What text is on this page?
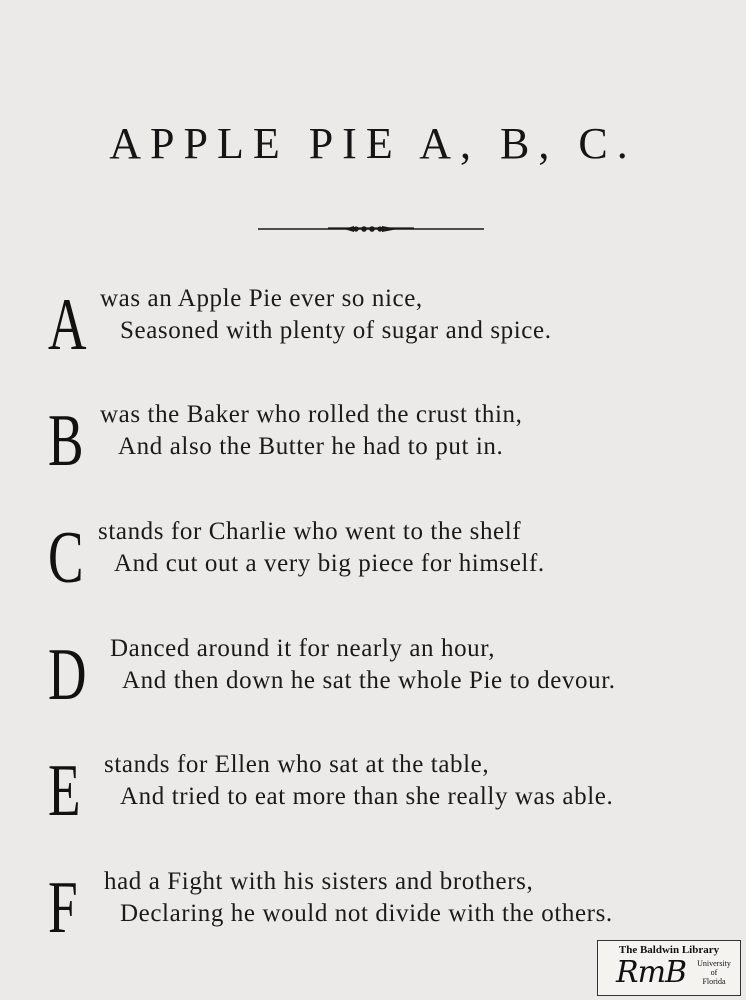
APPLE PIE A, B, C.
A was an Apple Pie ever so nice,
Seasoned with plenty of sugar and spice.
B was the Baker who rolled the crust thin,
And also the Butter he had to put in.
C stands for Charlie who went to the shelf
And cut out a very big piece for himself.
D Danced around it for nearly an hour,
And then down he sat the whole Pie to devour.
E stands for Ellen who sat at the table,
And tried to eat more than she really was able.
F had a Fight with his sisters and brothers,
Declaring he would not divide with the others.
The Baldwin Library
RmB	University
of
Florida
